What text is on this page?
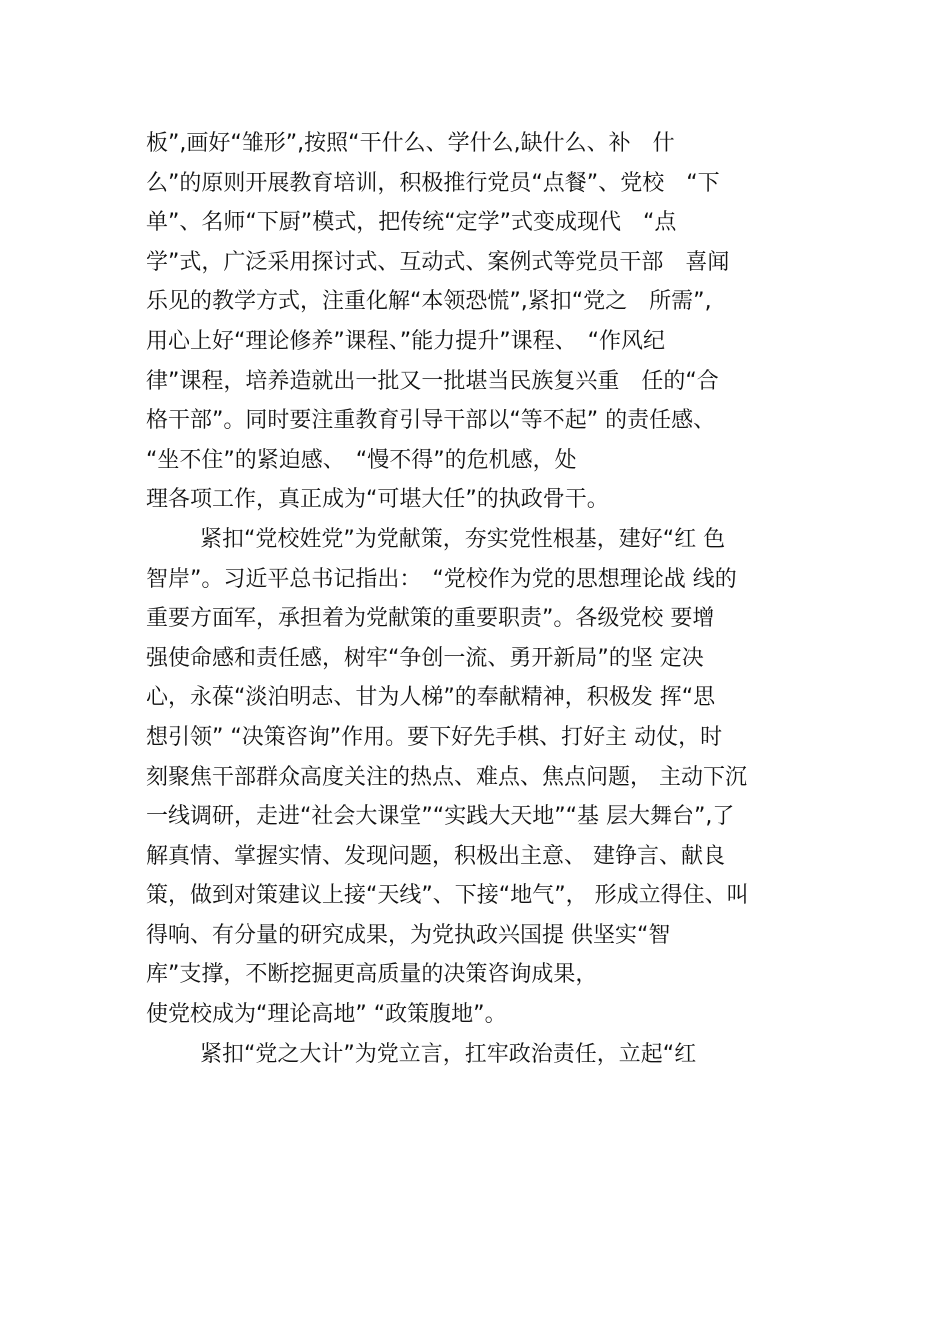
板”,画好“雏形”,按照“干什么、学什么,缺什么、补　什
么”的原则开展教育培训，积极推行党员“点餐”、党校　“下
单”、名师“下厨”模式，把传统“定学”式变成现代　“点
学”式，广泛采用探讨式、互动式、案例式等党员干部　喜闻
乐见的教学方式，注重化解“本领恐慌”,紧扣“党之　所需”,
用心上好“理论修养”课程、”能力提升”课程、　“作风纪
律”课程，培养造就出一批又一批堪当民族复兴重　任的“合
格干部”。同时要注重教育引导干部以“等不起” 的责任感、
“坐不住”的紧迫感、　“慢不得”的危机感，处
理各项工作，真正成为“可堪大任”的执政骨干。
紧扣“党校姓党”为党献策，夯实党性根基，建好“红 色
智岸”。习近平总书记指出：　“党校作为党的思想理论战 线的
重要方面军，承担着为党献策的重要职责”。各级党校 要增
强使命感和责任感，树牢“争创一流、勇开新局”的坚 定决
心，永葆“淡泊明志、甘为人梯”的奉献精神，积极发 挥“思
想引领” “决策咨询”作用。要下好先手棋、打好主 动仗，时
刻聚焦干部群众高度关注的热点、难点、焦点问题， 主动下沉
一线调研，走进“社会大课堂”“实践大天地”“基 层大舞台”,了
解真情、掌握实情、发现问题，积极出主意、 建铮言、献良
策，做到对策建议上接“天线”、下接“地气”， 形成立得住、叫
得响、有分量的研究成果，为党执政兴国提 供坚实“智
库”支撑，不断挖掘更高质量的决策咨询成果，
使党校成为“理论高地” “政策腹地”。
紧扣“党之大计”为党立言，扛牢政治责任，立起“红
